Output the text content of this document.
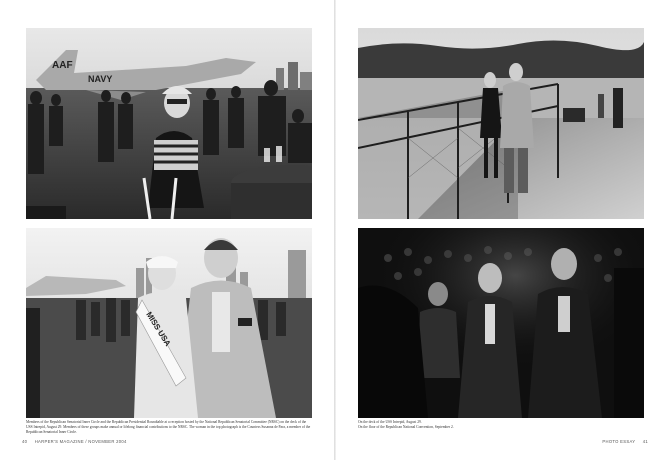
NAVY
AAF
MISS USA
Members of the Republican Senatorial Inner Circle and the Republican Presidential Roundtable at a reception hosted by the National Republican Senatorial Committee (NRSC) on the deck of the USS Intrepid, August 29. Members of these groups make annual or lifelong financial contributions to the NRSC. The woman in the top photograph is the Countess Susanna de Para, a member of the Republican Senatorial Inner Circle.
40 HARPER'S MAGAZINE / NOVEMBER 2004
On the deck of the USS Intrepid, August 29.
On the floor of the Republican National Convention, September 2.
PHOTO ESSAY 41
